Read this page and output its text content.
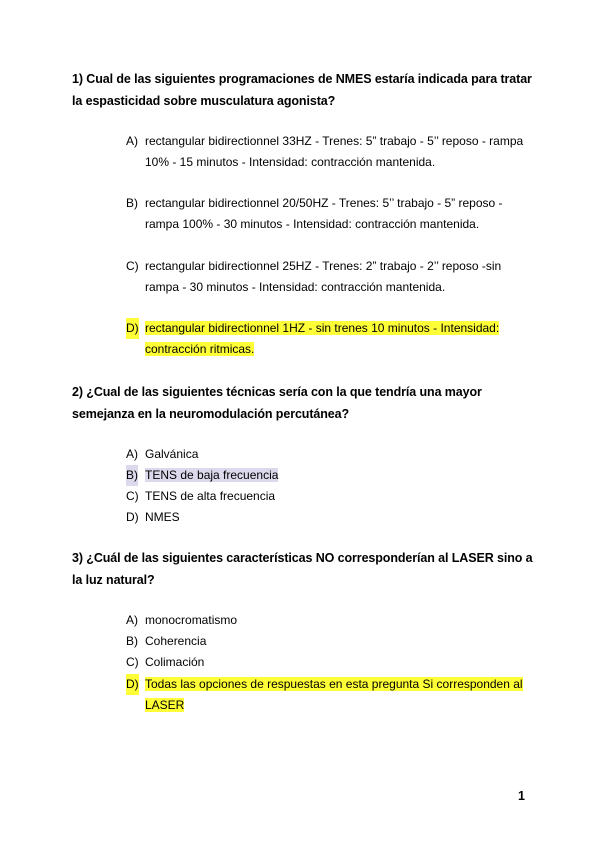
1) Cual de las siguientes programaciones de NMES estaría indicada para tratar la espasticidad sobre musculatura agonista?
A) rectangular bidirectionnel 33HZ - Trenes: 5” trabajo - 5’’ reposo - rampa 10% - 15 minutos - Intensidad: contracción mantenida.
B) rectangular bidirectionnel 20/50HZ - Trenes: 5’’ trabajo - 5” reposo - rampa 100% - 30 minutos - Intensidad: contracción mantenida.
C) rectangular bidirectionnel 25HZ - Trenes: 2” trabajo - 2’’ reposo -sin rampa - 30 minutos - Intensidad: contracción mantenida.
D) rectangular bidirectionnel 1HZ - sin trenes 10 minutos - Intensidad: contracción ritmicas.
2) ¿Cual de las siguientes técnicas sería con la que tendría una mayor semejanza en la neuromodulación percutánea?
A) Galvánica
B) TENS de baja frecuencia
C) TENS de alta frecuencia
D) NMES
3) ¿Cuál de las siguientes características NO corresponderían al LASER sino a la luz natural?
A) monocromatismo
B) Coherencia
C) Colimación
D) Todas las opciones de respuestas en esta pregunta Si corresponden al LASER
1
